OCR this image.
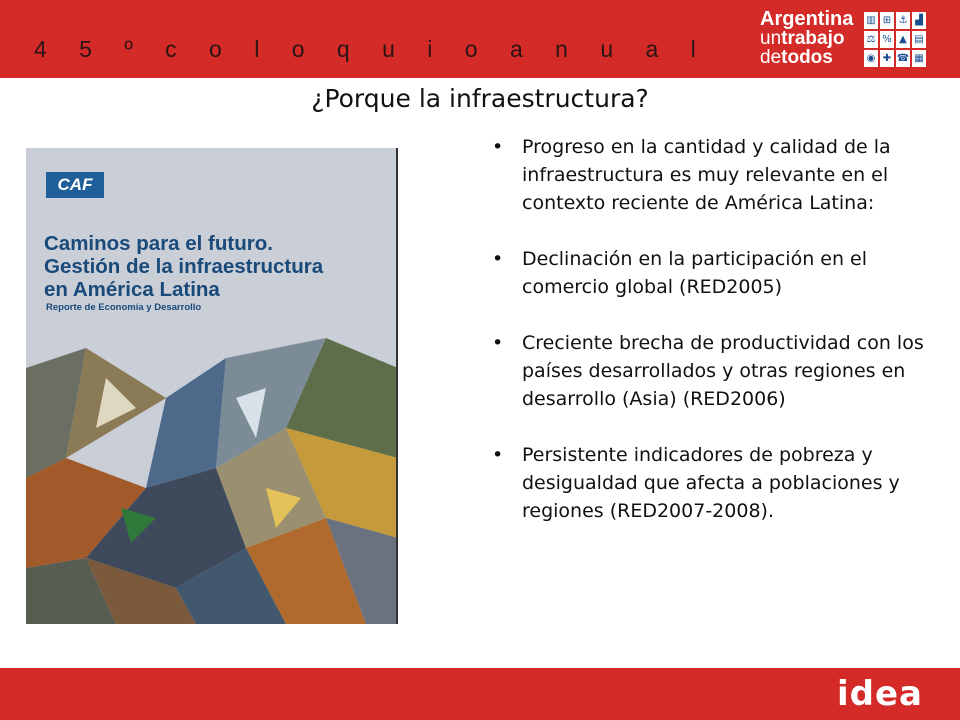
4 5 º c o l o q u i o a n u a l
Argentina
untrabajo
detodos
▥ ⊞ ⚓ ▟
⚖ % ▲ ▤
◉ ✚ ☎ ▦
¿Porque la infraestructura?
CAF
Caminos para el futuro.
Gestión de la infraestructura
en América Latina
Reporte de Economía y Desarrollo
• Progreso en la cantidad y calidad de la infraestructura es muy relevante en el contexto reciente de América Latina:
• Declinación en la participación en el comercio global (RED2005)
• Creciente brecha de productividad con los países desarrollados y otras regiones en desarrollo (Asia) (RED2006)
• Persistente indicadores de pobreza y desigualdad que afecta a poblaciones y regiones (RED2007-2008).
idea
